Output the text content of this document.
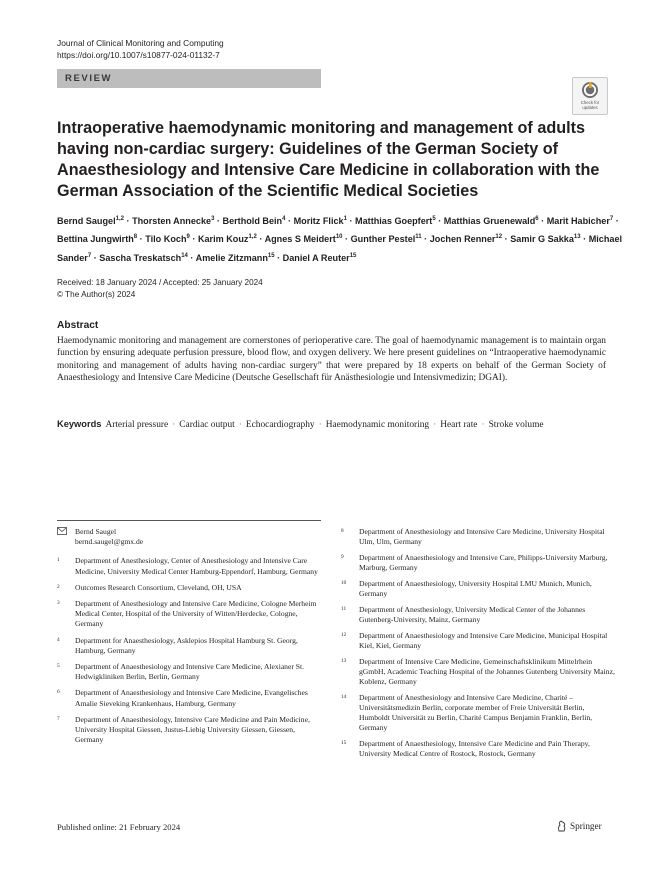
Journal of Clinical Monitoring and Computing
https://doi.org/10.1007/s10877-024-01132-7
REVIEW
Check for
updates
Intraoperative haemodynamic monitoring and management of adults having non-cardiac surgery: Guidelines of the German Society of Anaesthesiology and Intensive Care Medicine in collaboration with the German Association of the Scientific Medical Societies
Bernd Saugel$^{1,2}$ · Thorsten Annecke$^3$ · Berthold Bein$^4$ · Moritz Flick$^1$ · Matthias Goepfert$^5$ · Matthias Gruenewald$^6$ · Marit Habicher$^7$ · Bettina Jungwirth$^8$ · Tilo Koch$^9$ · Karim Kouz$^{1,2}$ · Agnes S Meidert$^{10}$ · Gunther Pestel$^{11}$ · Jochen Renner$^{12}$ · Samir G Sakka$^{13}$ · Michael Sander$^7$ · Sascha Treskatsch$^{14}$ · Amelie Zitzmann$^{15}$ · Daniel A Reuter$^{15}$
Received: 18 January 2024 / Accepted: 25 January 2024
© The Author(s) 2024
Abstract

Haemodynamic monitoring and management are cornerstones of perioperative care. The goal of haemodynamic management is to maintain organ function by ensuring adequate perfusion pressure, blood flow, and oxygen delivery. We here present guidelines on “Intraoperative haemodynamic monitoring and management of adults having non-cardiac surgery” that were prepared by 18 experts on behalf of the German Society of Anaesthesiology and Intensive Care Medicine (Deutsche Gesellschaft für Anästhesiologie und Intensivmedizin; DGAI).

Keywords Arterial pressure · Cardiac output · Echocardiography · Haemodynamic monitoring · Heart rate · Stroke volume
Bernd Saugel
bernd.saugel@gmx.de
1	Department of Anesthesiology, Center of Anesthesiology and Intensive Care Medicine, University Medical Center Hamburg-Eppendorf, Hamburg, Germany
2	Outcomes Research Consortium, Cleveland, OH, USA
3	Department of Anesthesiology and Intensive Care Medicine, Cologne Merheim Medical Center, Hospital of the University of Witten/Herdecke, Cologne, Germany
4	Department for Anaesthesiology, Asklepios Hospital Hamburg St. Georg, Hamburg, Germany
5	Department of Anaesthesiology and Intensive Care Medicine, Alexianer St. Hedwigkliniken Berlin, Berlin, Germany
6	Department of Anaesthesiology and Intensive Care Medicine, Evangelisches Amalie Sieveking Krankenhaus, Hamburg, Germany
7	Department of Anaesthesiology, Intensive Care Medicine and Pain Medicine, University Hospital Giessen, Justus-Liebig University Giessen, Giessen, Germany
8	Department of Anesthesiology and Intensive Care Medicine, University Hospital Ulm, Ulm, Germany
9	Department of Anaesthesiology and Intensive Care, Philipps-University Marburg, Marburg, Germany
10	Department of Anaesthesiology, University Hospital LMU Munich, Munich, Germany
11	Department of Anesthesiology, University Medical Center of the Johannes Gutenberg-University, Mainz, Germany
12	Department of Anaesthesiology and Intensive Care Medicine, Municipal Hospital Kiel, Kiel, Germany
13	Department of Intensive Care Medicine, Gemeinschaftsklinikum Mittelrhein gGmbH, Academic Teaching Hospital of the Johannes Gutenberg University Mainz, Koblenz, Germany
14	Department of Anesthesiology and Intensive Care Medicine, Charité – Universitätsmedizin Berlin, corporate member of Freie Universität Berlin, Humboldt Universität zu Berlin, Charité Campus Benjamin Franklin, Berlin, Germany
15	Department of Anaesthesiology, Intensive Care Medicine and Pain Therapy, University Medical Centre of Rostock, Rostock, Germany
Published online: 21 February 2024	Springer
